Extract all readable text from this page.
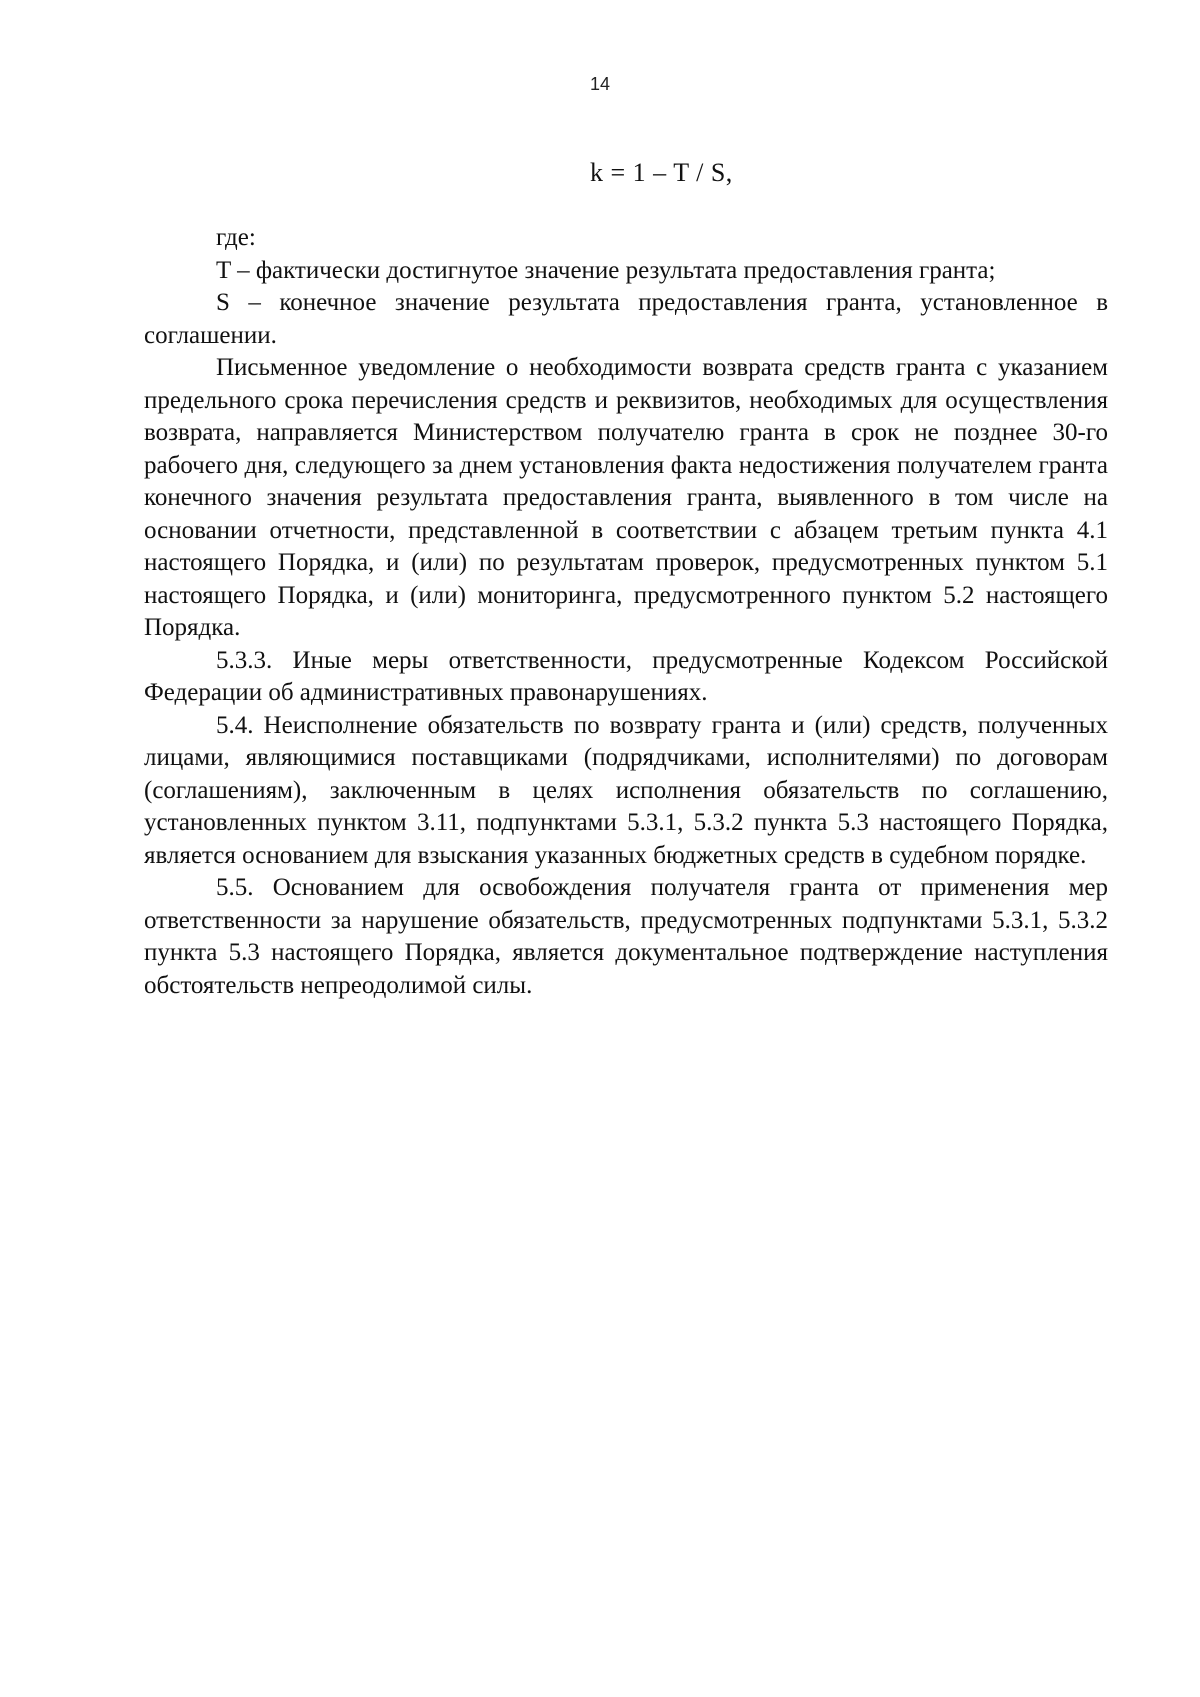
14
k = 1 – T / S,

где:

T – фактически достигнутое значение результата предоставления гранта;

S – конечное значение результата предоставления гранта, установленное в соглашении.

Письменное уведомление о необходимости возврата средств гранта с указанием предельного срока перечисления средств и реквизитов, необходимых для осуществления возврата, направляется Министерством получателю гранта в срок не позднее 30-го рабочего дня, следующего за днем установления факта недостижения получателем гранта конечного значения результата предоставления гранта, выявленного в том числе на основании отчетности, представленной в соответствии с абзацем третьим пункта 4.1 настоящего Порядка, и (или) по результатам проверок, предусмотренных пунктом 5.1 настоящего Порядка, и (или) мониторинга, предусмотренного пунктом 5.2 настоящего Порядка.

5.3.3. Иные меры ответственности, предусмотренные Кодексом Российской Федерации об административных правонарушениях.

5.4. Неисполнение обязательств по возврату гранта и (или) средств, полученных лицами, являющимися поставщиками (подрядчиками, исполнителями) по договорам (соглашениям), заключенным в целях исполнения обязательств по соглашению, установленных пунктом 3.11, подпунктами 5.3.1, 5.3.2 пункта 5.3 настоящего Порядка, является основанием для взыскания указанных бюджетных средств в судебном порядке.

5.5. Основанием для освобождения получателя гранта от применения мер ответственности за нарушение обязательств, предусмотренных подпунктами 5.3.1, 5.3.2 пункта 5.3 настоящего Порядка, является документальное подтверждение наступления обстоятельств непреодолимой силы.
